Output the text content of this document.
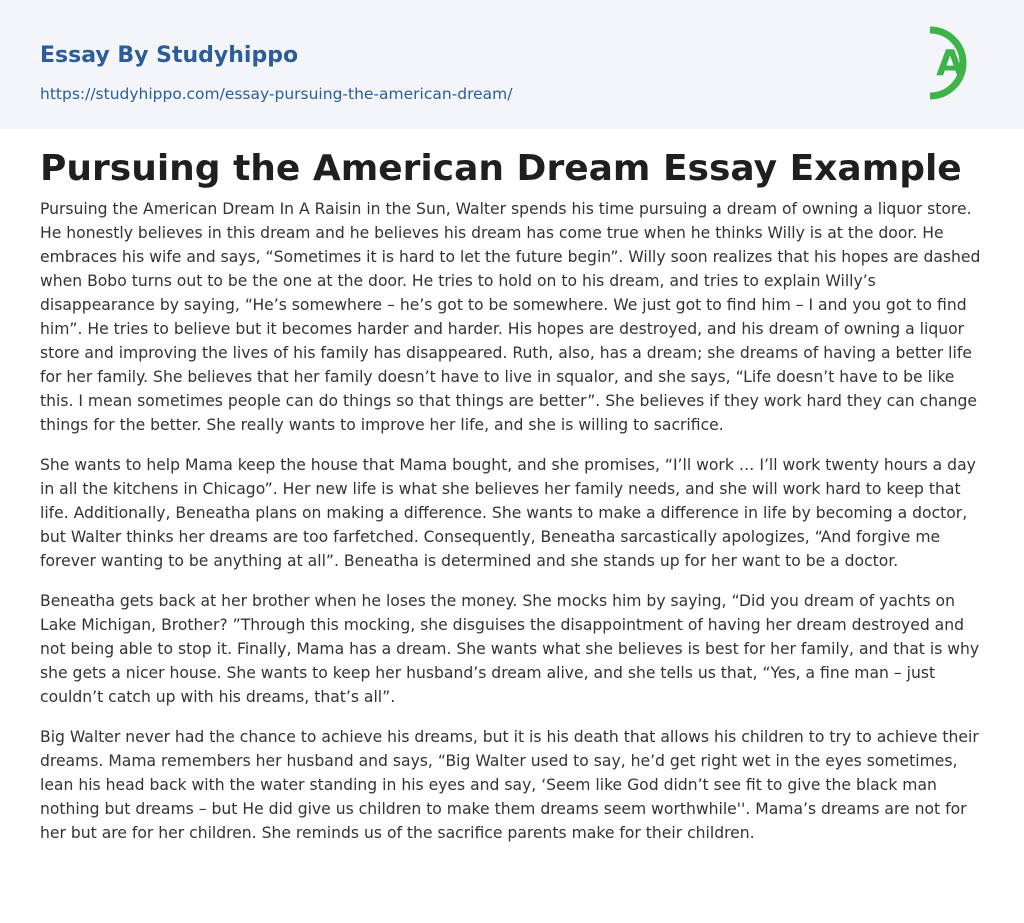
Essay By Studyhippo
https://studyhippo.com/essay-pursuing-the-american-dream/
A
Pursuing the American Dream Essay Example

Pursuing the American Dream In A Raisin in the Sun, Walter spends his time pursuing a dream of owning a liquor store. He honestly believes in this dream and he believes his dream has come true when he thinks Willy is at the door. He embraces his wife and says, “Sometimes it is hard to let the future begin”. Willy soon realizes that his hopes are dashed when Bobo turns out to be the one at the door. He tries to hold on to his dream, and tries to explain Willy’s disappearance by saying, “He’s somewhere – he’s got to be somewhere. We just got to find him – I and you got to find him”. He tries to believe but it becomes harder and harder. His hopes are destroyed, and his dream of owning a liquor store and improving the lives of his family has disappeared. Ruth, also, has a dream; she dreams of having a better life for her family. She believes that her family doesn’t have to live in squalor, and she says, “Life doesn’t have to be like this. I mean sometimes people can do things so that things are better”. She believes if they work hard they can change things for the better. She really wants to improve her life, and she is willing to sacrifice.

She wants to help Mama keep the house that Mama bought, and she promises, “I’ll work … I’ll work twenty hours a day in all the kitchens in Chicago”. Her new life is what she believes her family needs, and she will work hard to keep that life. Additionally, Beneatha plans on making a difference. She wants to make a difference in life by becoming a doctor, but Walter thinks her dreams are too farfetched. Consequently, Beneatha sarcastically apologizes, “And forgive me forever wanting to be anything at all”. Beneatha is determined and she stands up for her want to be a doctor.

Beneatha gets back at her brother when he loses the money. She mocks him by saying, “Did you dream of yachts on Lake Michigan, Brother? ”Through this mocking, she disguises the disappointment of having her dream destroyed and not being able to stop it. Finally, Mama has a dream. She wants what she believes is best for her family, and that is why she gets a nicer house. She wants to keep her husband’s dream alive, and she tells us that, “Yes, a fine man – just couldn’t catch up with his dreams, that’s all”.

Big Walter never had the chance to achieve his dreams, but it is his death that allows his children to try to achieve their dreams. Mama remembers her husband and says, “Big Walter used to say, he’d get right wet in the eyes sometimes, lean his head back with the water standing in his eyes and say, ‘Seem like God didn’t see fit to give the black man nothing but dreams – but He did give us children to make them dreams seem worthwhile''. Mama’s dreams are not for her but are for her children. She reminds us of the sacrifice parents make for their children.
